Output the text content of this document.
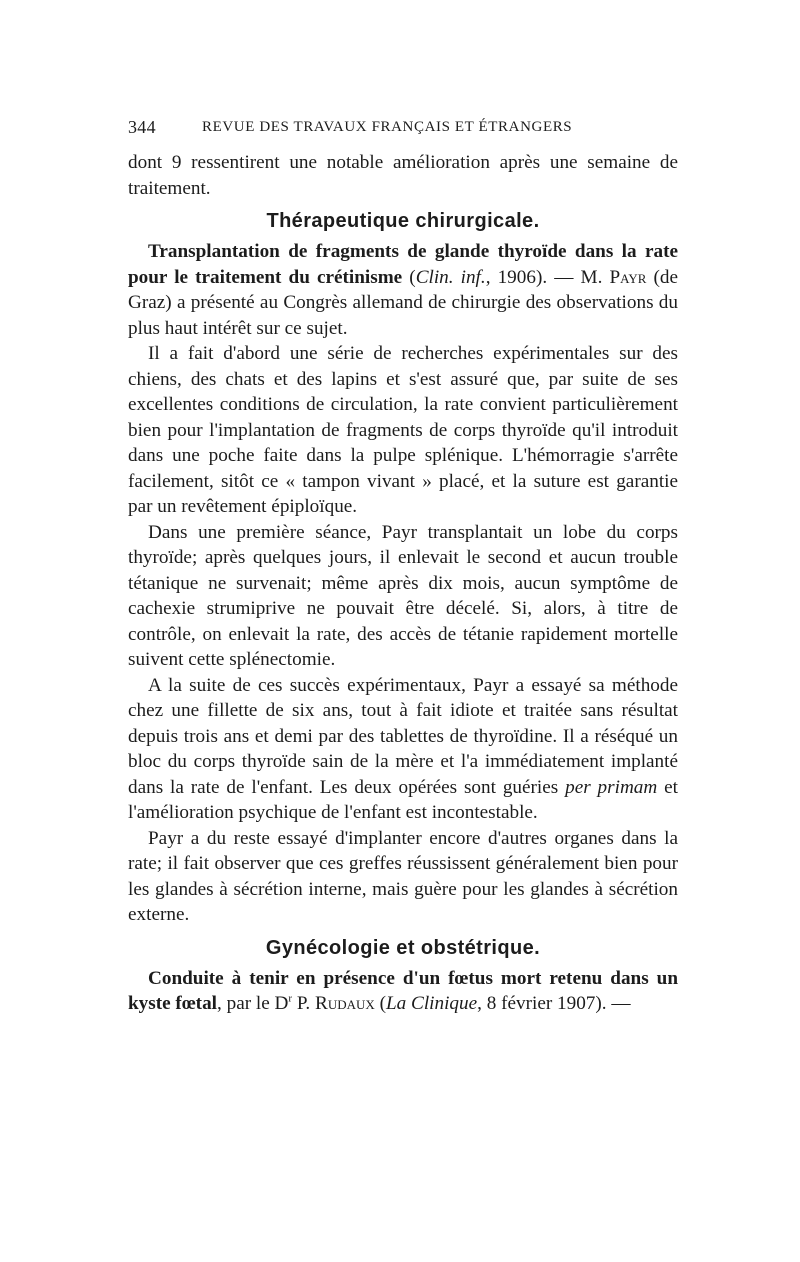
344	REVUE DES TRAVAUX FRANÇAIS ET ÉTRANGERS

dont 9 ressentirent une notable amélioration après une semaine de traitement.

Thérapeutique chirurgicale.

Transplantation de fragments de glande thyroïde dans la rate pour le traitement du crétinisme (Clin. inf., 1906). — M. Payr (de Graz) a présenté au Congrès allemand de chirurgie des observations du plus haut intérêt sur ce sujet.

Il a fait d'abord une série de recherches expérimentales sur des chiens, des chats et des lapins et s'est assuré que, par suite de ses excellentes conditions de circulation, la rate convient particulièrement bien pour l'implantation de fragments de corps thyroïde qu'il introduit dans une poche faite dans la pulpe splénique. L'hémorragie s'arrête facilement, sitôt ce « tampon vivant » placé, et la suture est garantie par un revêtement épiploïque.

Dans une première séance, Payr transplantait un lobe du corps thyroïde; après quelques jours, il enlevait le second et aucun trouble tétanique ne survenait; même après dix mois, aucun symptôme de cachexie strumiprive ne pouvait être décelé. Si, alors, à titre de contrôle, on enlevait la rate, des accès de tétanie rapidement mortelle suivent cette splénectomie.

A la suite de ces succès expérimentaux, Payr a essayé sa méthode chez une fillette de six ans, tout à fait idiote et traitée sans résultat depuis trois ans et demi par des tablettes de thyroïdine. Il a réséqué un bloc du corps thyroïde sain de la mère et l'a immédiatement implanté dans la rate de l'enfant. Les deux opérées sont guéries per primam et l'amélioration psychique de l'enfant est incontestable.

Payr a du reste essayé d'implanter encore d'autres organes dans la rate; il fait observer que ces greffes réussissent généralement bien pour les glandes à sécrétion interne, mais guère pour les glandes à sécrétion externe.

Gynécologie et obstétrique.

Conduite à tenir en présence d'un fœtus mort retenu dans un kyste fœtal, par le $D^r$ P. Rudaux (La Clinique, 8 février 1907). —
